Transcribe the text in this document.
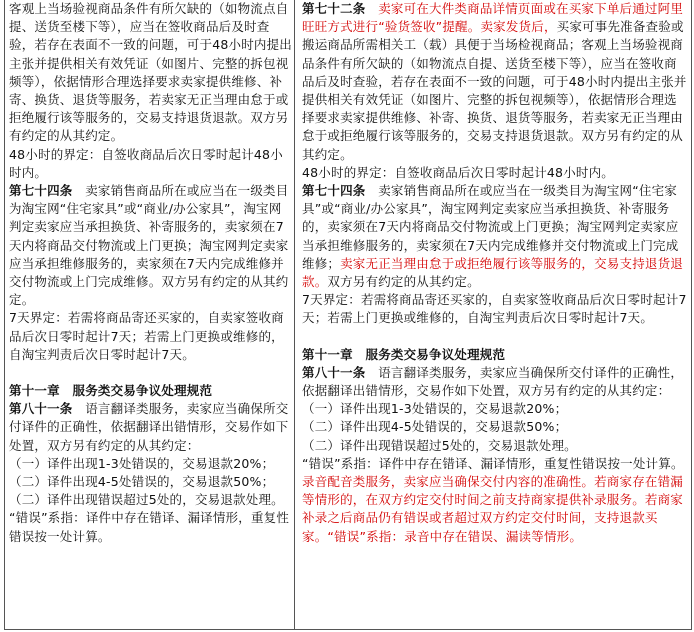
客观上当场验视商品条件有所欠缺的（如物流点自提、送货至楼下等），应当在签收商品后及时查验，若存在表面不一致的问题，可于48小时内提出主张并提供相关有效凭证（如图片、完整的拆包视频等），依据情形合理选择要求卖家提供维修、补寄、换货、退货等服务，若卖家无正当理由怠于或拒绝履行该等服务的，交易支持退货退款。双方另有约定的从其约定。

48小时的界定：自签收商品后次日零时起计48小时内。

第七十四条　 卖家销售商品所在或应当在一级类目为淘宝网“住宅家具”或“商业/办公家具”，淘宝网判定卖家应当承担换货、补寄服务的，卖家须在7天内将商品交付物流或上门更换；淘宝网判定卖家应当承担维修服务的，卖家须在7天内完成维修并交付物流或上门完成维修。双方另有约定的从其约定。

7天界定：若需将商品寄还买家的，自卖家签收商品后次日零时起计7天；若需上门更换或维修的，自淘宝判责后次日零时起计7天。

第十一章　服务类交易争议处理规范

第八十一条　 语言翻译类服务，卖家应当确保所交付译件的正确性，依据翻译出错情形，交易作如下处置，双方另有约定的从其约定：

（一）译件出现1-3处错误的，交易退款20%；

（二）译件出现4-5处错误的，交易退款50%；

（二）译件出现错误超过5处的，交易退款处理。

“错误”系指：译件中存在错译、漏译情形，重复性错误按一处计算。

第七十二条　 卖家可在大件类商品详情页面或在买家下单后通过阿里旺旺方式进行“验货签收”提醒。卖家发货后，买家可事先准备查验或搬运商品所需相关工（载）具便于当场检视商品；客观上当场验视商品条件有所欠缺的（如物流点自提、送货至楼下等），应当在签收商品后及时查验，若存在表面不一致的问题，可于48小时内提出主张并提供相关有效凭证（如图片、完整的拆包视频等），依据情形合理选择要求卖家提供维修、补寄、换货、退货等服务，若卖家无正当理由怠于或拒绝履行该等服务的，交易支持退货退款。双方另有约定的从其约定。

48小时的界定：自签收商品后次日零时起计48小时内。

第七十四条　 卖家销售商品所在或应当在一级类目为淘宝网“住宅家具”或“商业/办公家具”，淘宝网判定卖家应当承担换货、补寄服务的，卖家须在7天内将商品交付物流或上门更换；淘宝网判定卖家应当承担维修服务的，卖家须在7天内完成维修并交付物流或上门完成维修；卖家无正当理由怠于或拒绝履行该等服务的，交易支持退货退款。双方另有约定的从其约定。

7天界定：若需将商品寄还买家的，自卖家签收商品后次日零时起计7天；若需上门更换或维修的，自淘宝判责后次日零时起计7天。

第十一章　服务类交易争议处理规范

第八十一条　 语言翻译类服务，卖家应当确保所交付译件的正确性，依据翻译出错情形，交易作如下处置，双方另有约定的从其约定：

（一）译件出现1-3处错误的，交易退款20%；

（二）译件出现4-5处错误的，交易退款50%；

（二）译件出现错误超过5处的，交易退款处理。

“错误”系指：译件中存在错译、漏译情形，重复性错误按一处计算。

录音配音类服务，卖家应当确保交付内容的准确性。若商家存在错漏等情形的，在双方约定交付时间之前支持商家提供补录服务。若商家补录之后商品仍有错误或者超过双方约定交付时间，支持退款买家。“错误”系指：录音中存在错误、漏读等情形。
